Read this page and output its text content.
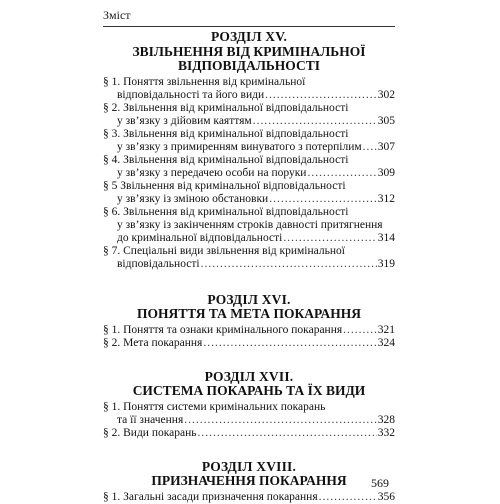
Зміст
РОЗДІЛ XV.
ЗВІЛЬНЕННЯ ВІД КРИМІНАЛЬНОЇ
ВІДПОВІДАЛЬНОСТІ
§ 1. Поняття звільнення від кримінальної
відповідальності та його види .....	302
§ 2. Звільнення від кримінальної відповідальності
у зв’язку з дійовим каяттям .....	305
§ 3. Звільнення від кримінальної відповідальності
у зв’язку з примиренням винуватого з потерпілим ..... 307
§ 4. Звільнення від кримінальної відповідальності
у зв’язку з передачею особи на поруки .....	309
§ 5 Звільнення від кримінальної відповідальності
у зв’язку із зміною обстановки .....	312
§ 6. Звільнення від кримінальної відповідальності
у зв’язку із закінченням строків давності притягнення
до кримінальної відповідальності .....	314
§ 7. Спеціальні види звільнення від кримінальної
відповідальності .....	319
РОЗДІЛ XVI.
ПОНЯТТЯ ТА МЕТА ПОКАРАННЯ
§ 1. Поняття та ознаки кримінального покарання .....	321
§ 2. Мета покарання .....	324
РОЗДІЛ XVII.
СИСТЕМА ПОКАРАНЬ ТА ЇХ ВИДИ
§ 1. Поняття системи кримінальних покарань
та її значення .....	328
§ 2. Види покарань .....	332
РОЗДІЛ XVIII.
ПРИЗНАЧЕННЯ ПОКАРАННЯ
§ 1. Загальні засади призначення покарання .....	356
569
